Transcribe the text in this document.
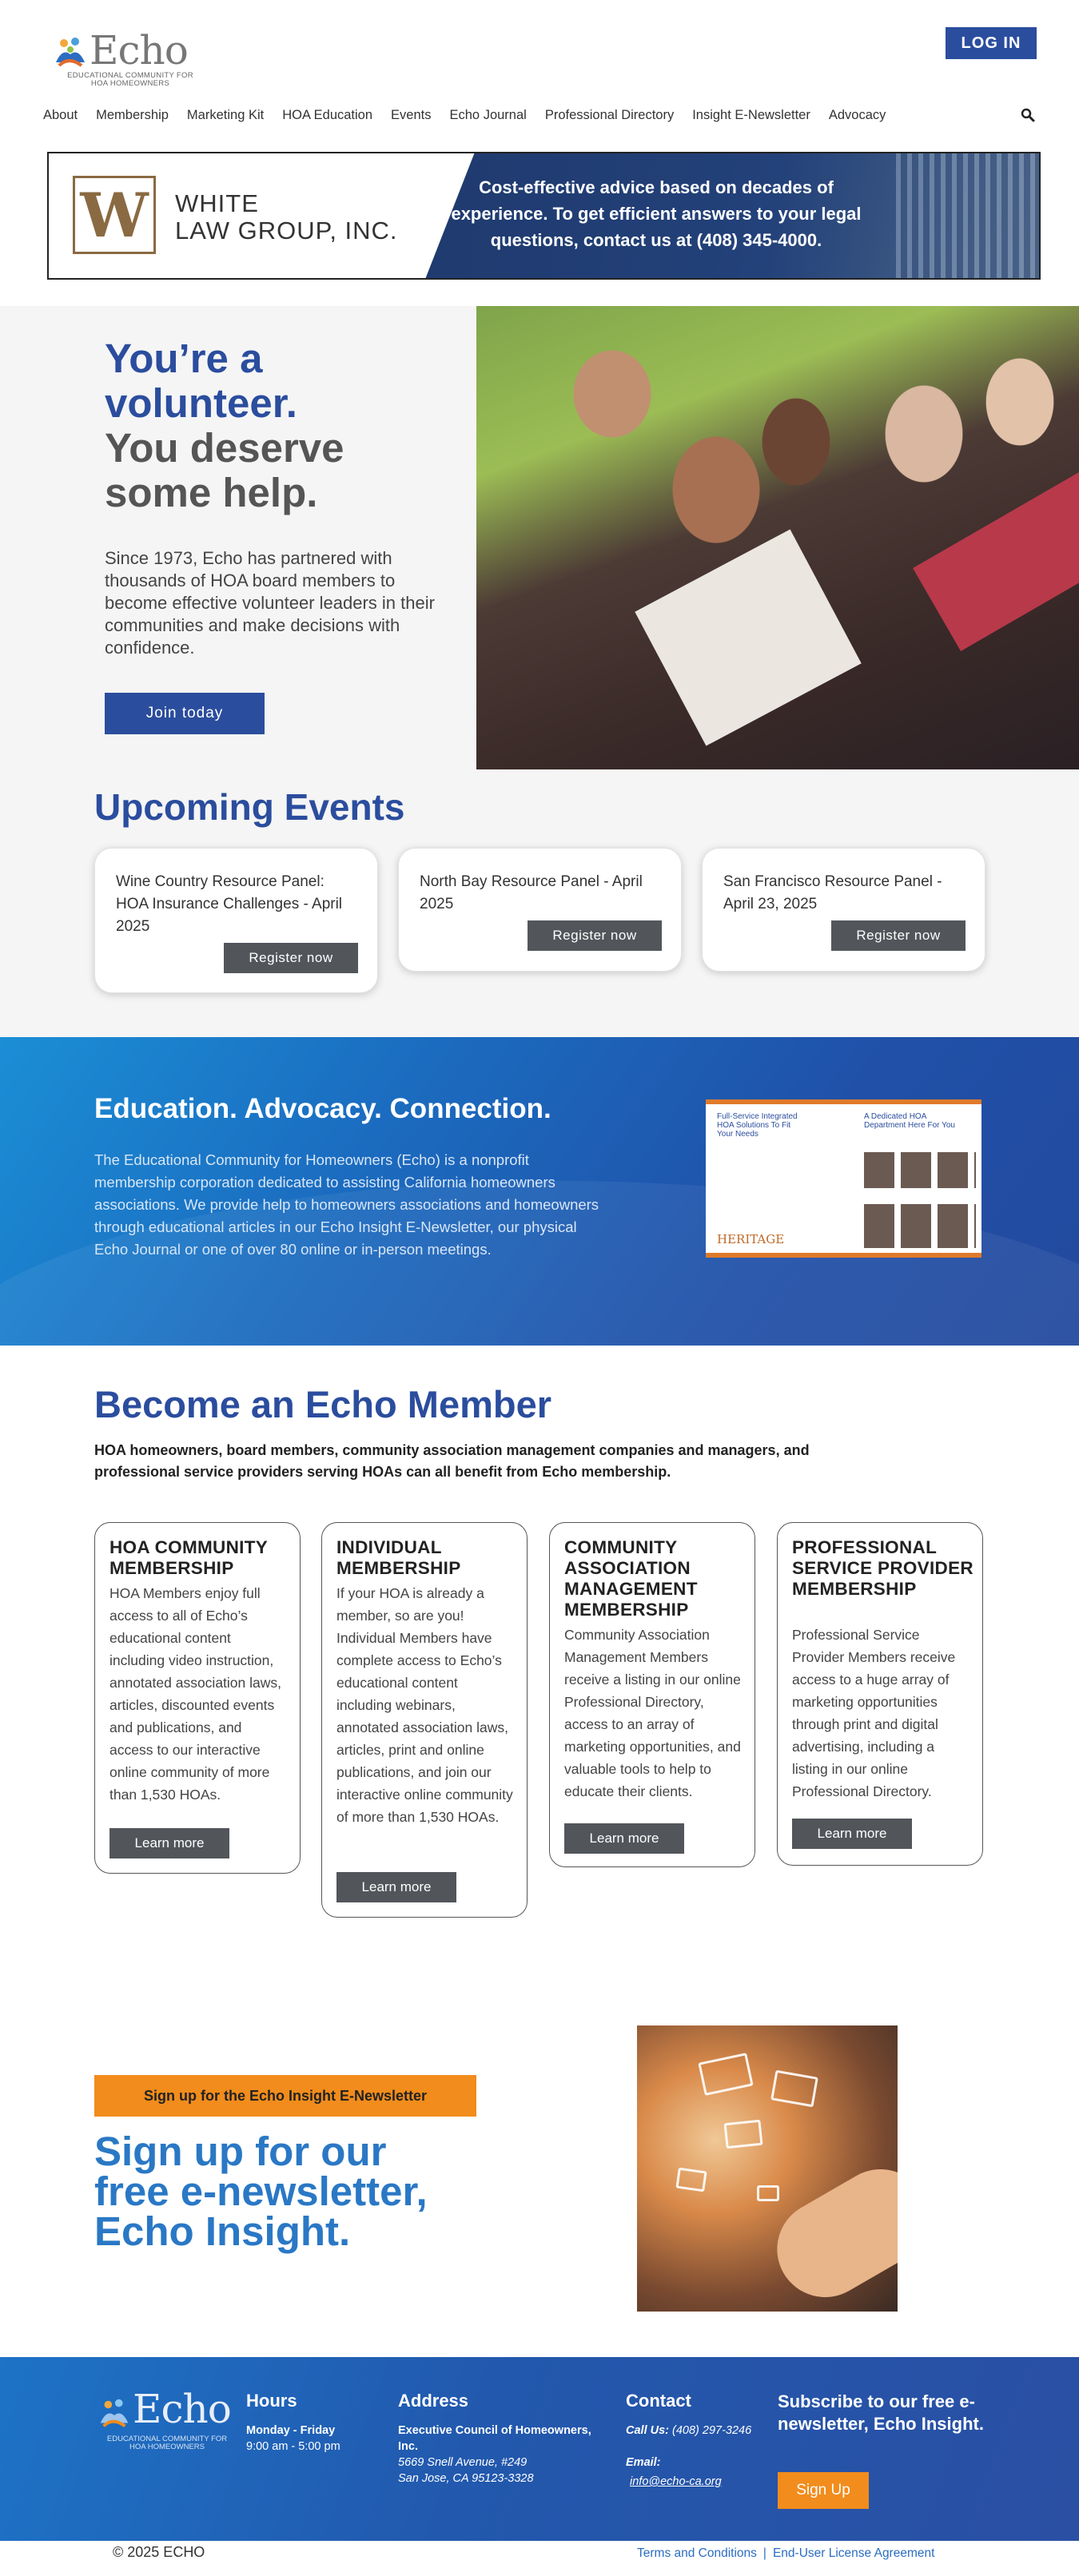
Echo
EDUCATIONAL COMMUNITY FOR HOA HOMEOWNERS
LOG IN
About Membership Marketing Kit HOA Education Events Echo Journal Professional Directory Insight E-Newsletter Advocacy
W	WHITE
LAW GROUP, INC.
Cost-effective advice based on decades of experience. To get efficient answers to your legal questions, contact us at (408) 345-4000.
You’re a
volunteer.
You deserve
some help.

Since 1973, Echo has partnered with thousands of HOA board members to become effective volunteer leaders in their communities and make decisions with confidence.

Join today
Upcoming Events
Wine Country Resource Panel: HOA Insurance Challenges - April 2025
Register now
North Bay Resource Panel - April 2025
Register now
San Francisco Resource Panel - April 23, 2025
Register now
Education. Advocacy. Connection.

The Educational Community for Homeowners (Echo) is a nonprofit membership corporation dedicated to assisting California homeowners associations. We provide help to homeowners associations and homeowners through educational articles in our Echo Insight E-Newsletter, our physical Echo Journal or one of over 80 online or in-person meetings.

Full-Service Integrated HOA Solutions To Fit Your Needs
A Dedicated HOA Department Here For You
HERITAGE
Become an Echo Member

HOA homeowners, board members, community association management companies and managers, and professional service providers serving HOAs can all benefit from Echo membership.

HOA COMMUNITY MEMBERSHIP

HOA Members enjoy full access to all of Echo’s educational content including video instruction, annotated association laws, articles, discounted events and publications, and access to our interactive online community of more than 1,530 HOAs.

Learn more
INDIVIDUAL MEMBERSHIP

If your HOA is already a member, so are you! Individual Members have complete access to Echo’s educational content including webinars, annotated association laws, articles, print and online publications, and join our interactive online community of more than 1,530 HOAs.

Learn more
COMMUNITY ASSOCIATION MANAGEMENT MEMBERSHIP

Community Association Management Members receive a listing in our online Professional Directory, access to an array of marketing opportunities, and valuable tools to help to educate their clients.

Learn more
PROFESSIONAL SERVICE PROVIDER MEMBERSHIP

Professional Service Provider Members receive access to a huge array of marketing opportunities through print and digital advertising, including a listing in our online Professional Directory.

Learn more
Sign up for the Echo Insight E-Newsletter
Sign up for our
free e-newsletter,
Echo Insight.
Echo
EDUCATIONAL COMMUNITY FOR HOA HOMEOWNERS
Hours
Monday - Friday
9:00 am - 5:00 pm
Address
Executive Council of Homeowners, Inc.
5669 Snell Avenue, #249
San Jose, CA 95123-3328
Contact
Call Us: (408) 297-3246
Email:
info@echo-ca.org
Subscribe to our free e-newsletter, Echo Insight.
Sign Up
© 2025 ECHO	Terms and Conditions | End-User License Agreement
